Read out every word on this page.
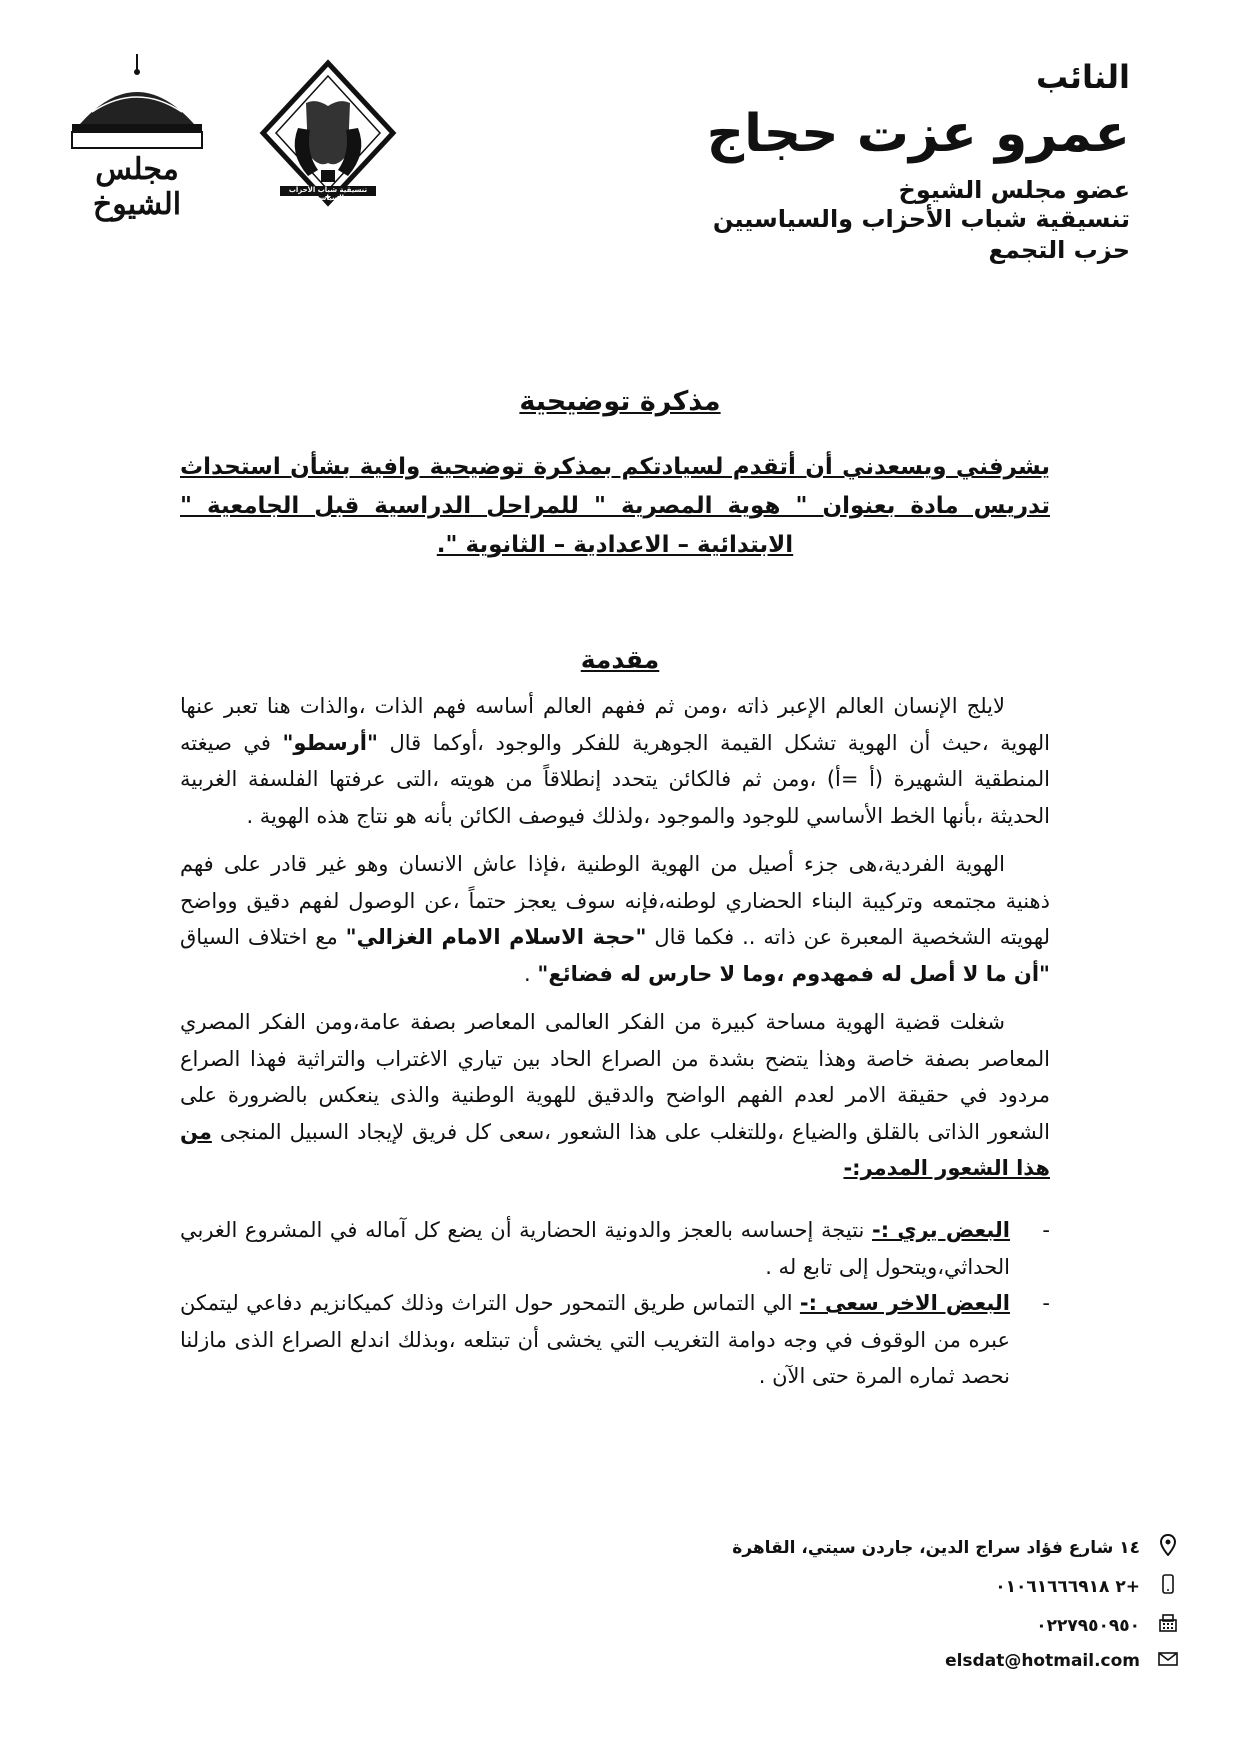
مجلس الشيوخ	تنسيقية شباب الأحزاب والسياسيين
النائب
عمرو عزت حجاج
عضو مجلس الشيوخ
تنسيقية شباب الأحزاب والسياسيين
حزب التجمع
مذكرة توضيحية
يشرفني ويسعدني أن أتقدم لسيادتكم بمذكرة توضيحية وافية بشأن استحداث تدريس مادة بعنوان " هوية المصرية " للمراحل الدراسية قبل الجامعية " الابتدائية – الاعدادية – الثانوية ".
مقدمة

لايلج الإنسان العالم الإعبر ذاته ،ومن ثم ففهم العالم أساسه فهم الذات ،والذات هنا تعبر عنها الهوية ،حيث أن الهوية تشكل القيمة الجوهرية للفكر والوجود ،أوكما قال "أرسطو" في صيغته المنطقية الشهيرة (أ =أ) ،ومن ثم فالكائن يتحدد إنطلاقاً من هويته ،التى عرفتها الفلسفة الغربية الحديثة ،بأنها الخط الأساسي للوجود والموجود ،ولذلك فيوصف الكائن بأنه هو نتاج هذه الهوية .

الهوية الفردية،هى جزء أصيل من الهوية الوطنية ،فإذا عاش الانسان وهو غير قادر على فهم ذهنية مجتمعه وتركيبة البناء الحضاري لوطنه،فإنه سوف يعجز حتماً ،عن الوصول لفهم دقيق وواضح لهويته الشخصية المعبرة عن ذاته .. فكما قال "حجة الاسلام الامام الغزالي" مع اختلاف السياق "أن ما لا أصل له فمهدوم ،وما لا حارس له فضائع" .

شغلت قضية الهوية مساحة كبيرة من الفكر العالمى المعاصر بصفة عامة،ومن الفكر المصري المعاصر بصفة خاصة وهذا يتضح بشدة من الصراع الحاد بين تياري الاغتراب والتراثية فهذا الصراع مردود في حقيقة الامر لعدم الفهم الواضح والدقيق للهوية الوطنية والذى ينعكس بالضرورة على الشعور الذاتى بالقلق والضياع ،وللتغلب على هذا الشعور ،سعى كل فريق لإيجاد السبيل المنجى من هذا الشعور المدمر:-

-
البعض يري :- نتيجة إحساسه بالعجز والدونية الحضارية أن يضع كل آماله في المشروع الغربي الحداثي،ويتحول إلى تابع له .
-
البعض الاخر سعى :- الي التماس طريق التمحور حول التراث وذلك كميكانزيم دفاعي ليتمكن عبره من الوقوف في وجه دوامة التغريب التي يخشى أن تبتلعه ،وبذلك اندلع الصراع الذى مازلنا نحصد ثماره المرة حتى الآن .
١٤ شارع فؤاد سراج الدين، جاردن سيتي، القاهرة
+٢ ٠١٠٦١٦٦٦٩١٨
٠٢٢٧٩٥٠٩٥٠
elsdat@hotmail.com
